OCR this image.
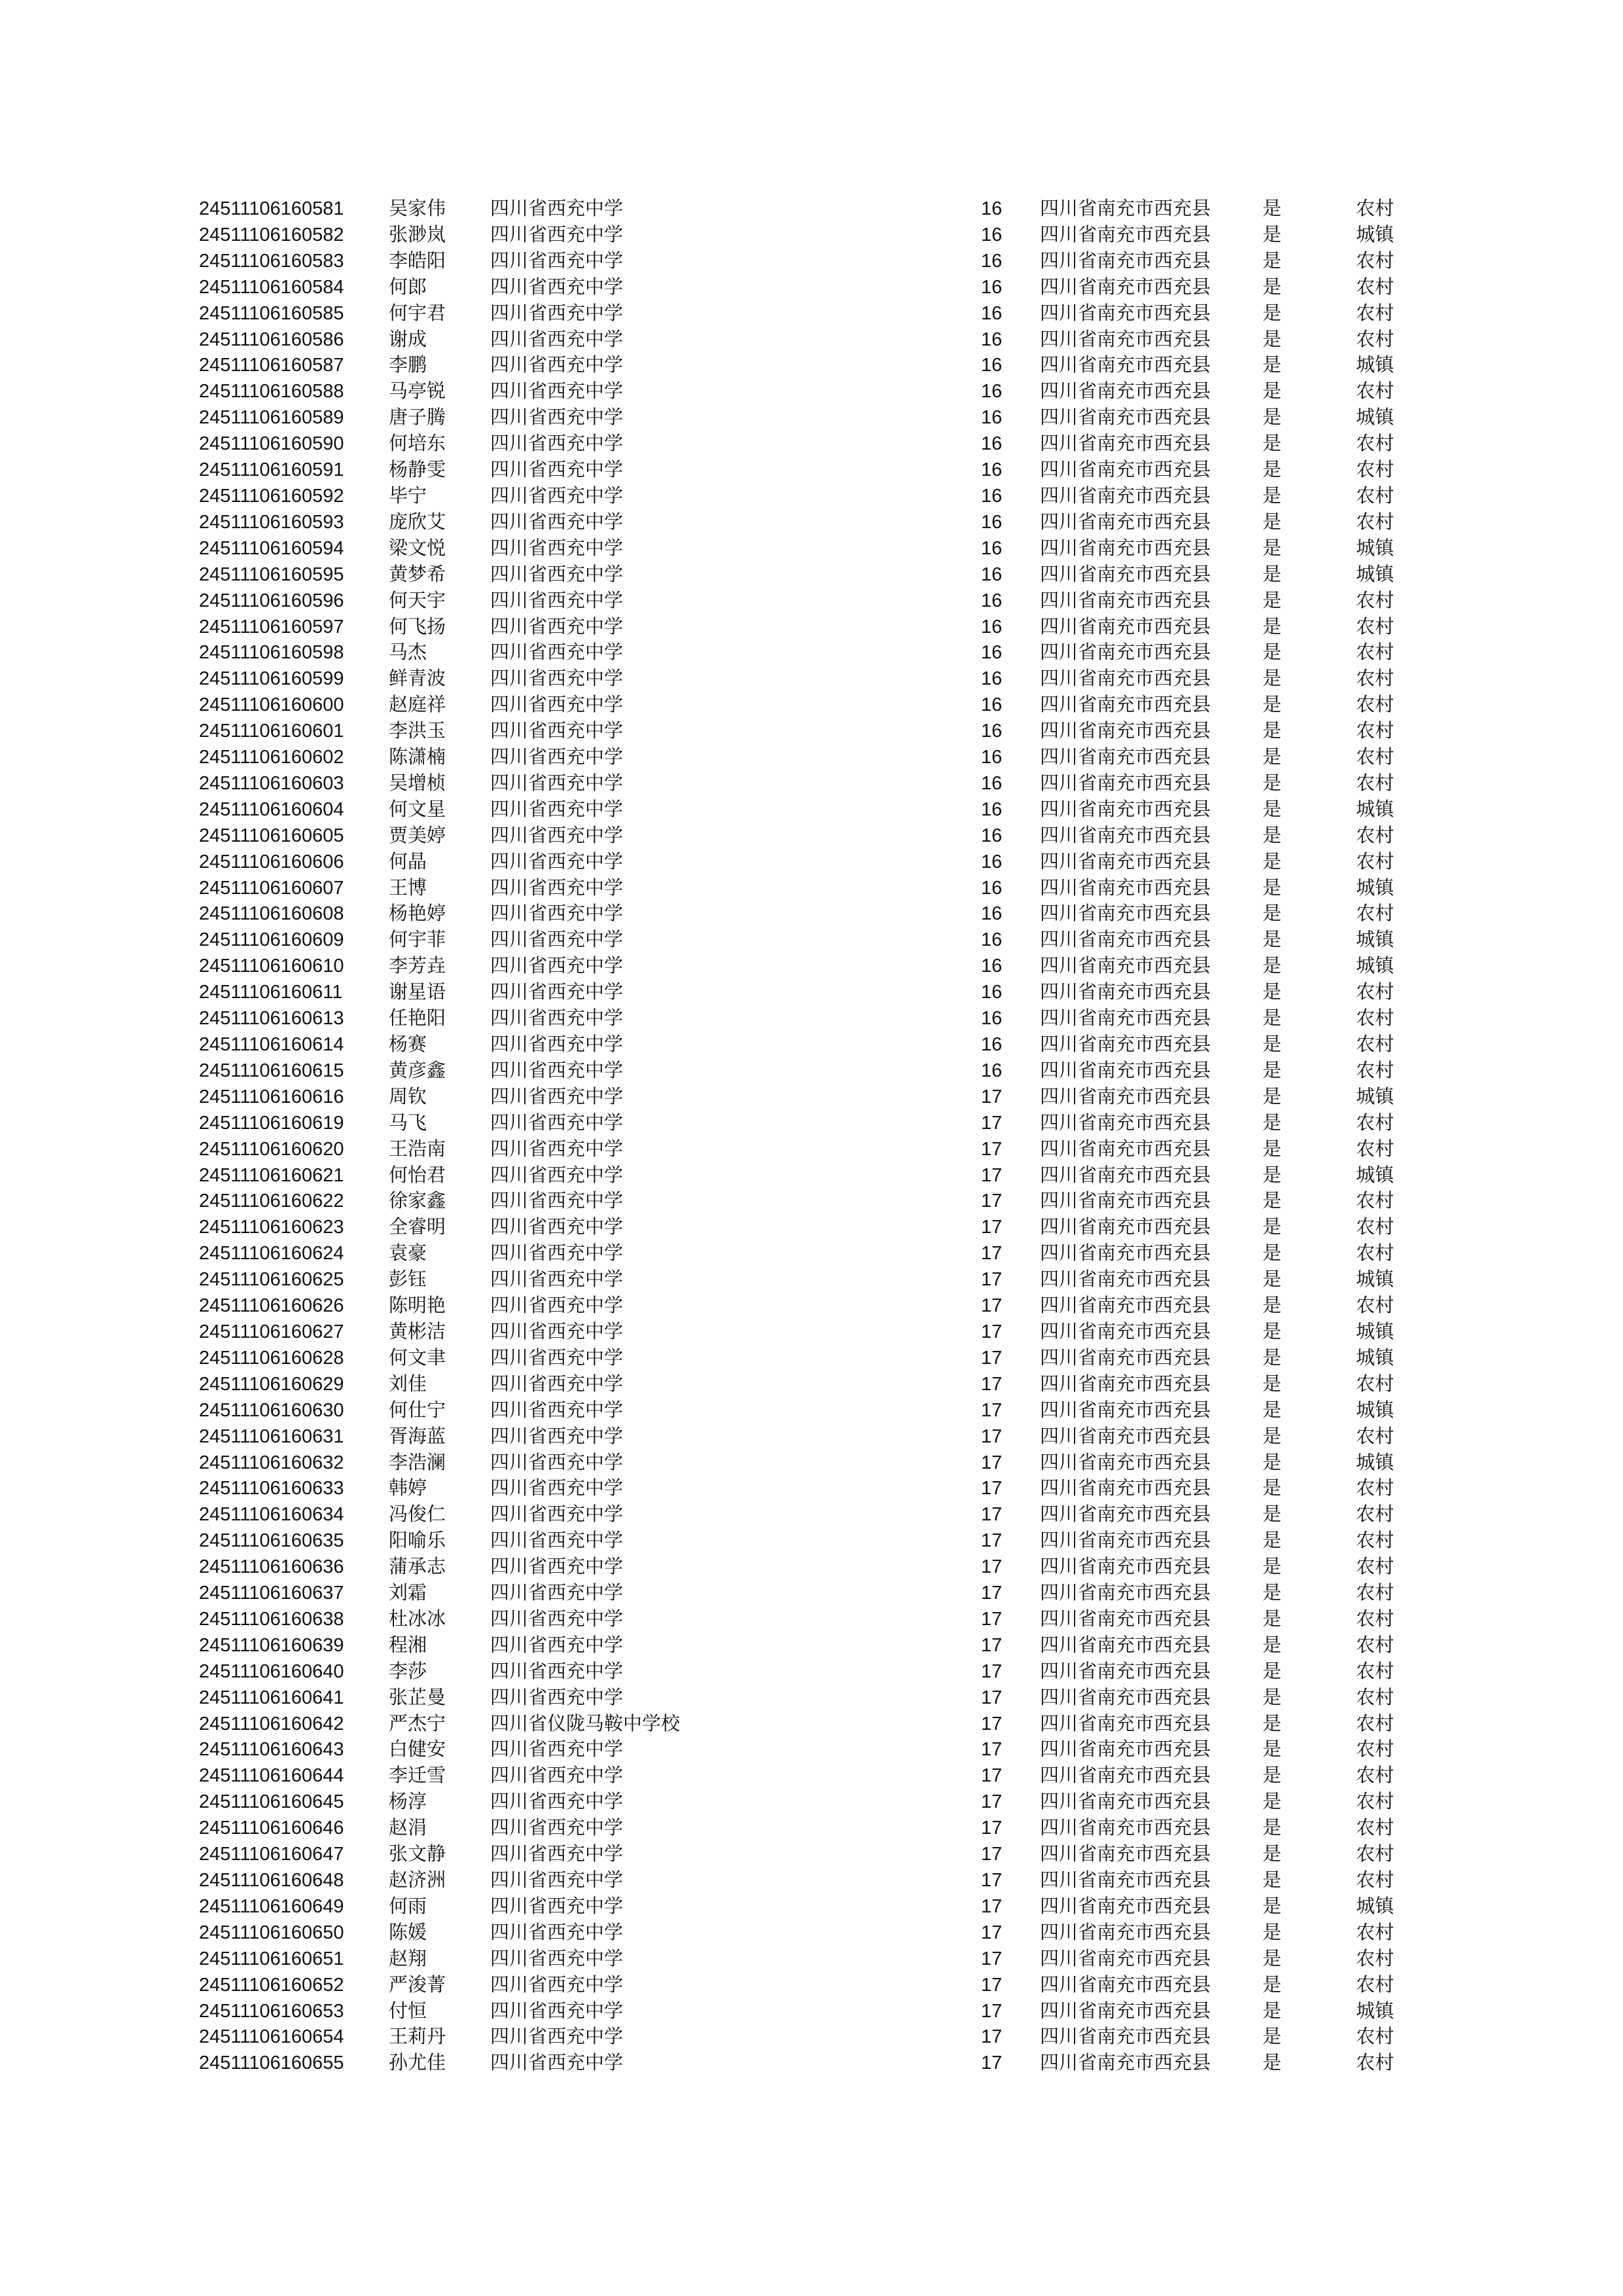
24511106160581	吴家伟	四川省西充中学	16	四川省南充市西充县	是	农村
24511106160582	张渺岚	四川省西充中学	16	四川省南充市西充县	是	城镇
24511106160583	李皓阳	四川省西充中学	16	四川省南充市西充县	是	农村
24511106160584	何郎	四川省西充中学	16	四川省南充市西充县	是	农村
24511106160585	何宇君	四川省西充中学	16	四川省南充市西充县	是	农村
24511106160586	谢成	四川省西充中学	16	四川省南充市西充县	是	农村
24511106160587	李鹏	四川省西充中学	16	四川省南充市西充县	是	城镇
24511106160588	马亭锐	四川省西充中学	16	四川省南充市西充县	是	农村
24511106160589	唐子腾	四川省西充中学	16	四川省南充市西充县	是	城镇
24511106160590	何培东	四川省西充中学	16	四川省南充市西充县	是	农村
24511106160591	杨静雯	四川省西充中学	16	四川省南充市西充县	是	农村
24511106160592	毕宁	四川省西充中学	16	四川省南充市西充县	是	农村
24511106160593	庞欣艾	四川省西充中学	16	四川省南充市西充县	是	农村
24511106160594	梁文悦	四川省西充中学	16	四川省南充市西充县	是	城镇
24511106160595	黄梦希	四川省西充中学	16	四川省南充市西充县	是	城镇
24511106160596	何天宇	四川省西充中学	16	四川省南充市西充县	是	农村
24511106160597	何飞扬	四川省西充中学	16	四川省南充市西充县	是	农村
24511106160598	马杰	四川省西充中学	16	四川省南充市西充县	是	农村
24511106160599	鲜青波	四川省西充中学	16	四川省南充市西充县	是	农村
24511106160600	赵庭祥	四川省西充中学	16	四川省南充市西充县	是	农村
24511106160601	李洪玉	四川省西充中学	16	四川省南充市西充县	是	农村
24511106160602	陈潇楠	四川省西充中学	16	四川省南充市西充县	是	农村
24511106160603	吴增桢	四川省西充中学	16	四川省南充市西充县	是	农村
24511106160604	何文星	四川省西充中学	16	四川省南充市西充县	是	城镇
24511106160605	贾美婷	四川省西充中学	16	四川省南充市西充县	是	农村
24511106160606	何晶	四川省西充中学	16	四川省南充市西充县	是	农村
24511106160607	王博	四川省西充中学	16	四川省南充市西充县	是	城镇
24511106160608	杨艳婷	四川省西充中学	16	四川省南充市西充县	是	农村
24511106160609	何宇菲	四川省西充中学	16	四川省南充市西充县	是	城镇
24511106160610	李芳垚	四川省西充中学	16	四川省南充市西充县	是	城镇
24511106160611	谢星语	四川省西充中学	16	四川省南充市西充县	是	农村
24511106160613	任艳阳	四川省西充中学	16	四川省南充市西充县	是	农村
24511106160614	杨赛	四川省西充中学	16	四川省南充市西充县	是	农村
24511106160615	黄彦鑫	四川省西充中学	16	四川省南充市西充县	是	农村
24511106160616	周钦	四川省西充中学	17	四川省南充市西充县	是	城镇
24511106160619	马飞	四川省西充中学	17	四川省南充市西充县	是	农村
24511106160620	王浩南	四川省西充中学	17	四川省南充市西充县	是	农村
24511106160621	何怡君	四川省西充中学	17	四川省南充市西充县	是	城镇
24511106160622	徐家鑫	四川省西充中学	17	四川省南充市西充县	是	农村
24511106160623	全睿明	四川省西充中学	17	四川省南充市西充县	是	农村
24511106160624	袁豪	四川省西充中学	17	四川省南充市西充县	是	农村
24511106160625	彭钰	四川省西充中学	17	四川省南充市西充县	是	城镇
24511106160626	陈明艳	四川省西充中学	17	四川省南充市西充县	是	农村
24511106160627	黄彬洁	四川省西充中学	17	四川省南充市西充县	是	城镇
24511106160628	何文聿	四川省西充中学	17	四川省南充市西充县	是	城镇
24511106160629	刘佳	四川省西充中学	17	四川省南充市西充县	是	农村
24511106160630	何仕宁	四川省西充中学	17	四川省南充市西充县	是	城镇
24511106160631	胥海蓝	四川省西充中学	17	四川省南充市西充县	是	农村
24511106160632	李浩澜	四川省西充中学	17	四川省南充市西充县	是	城镇
24511106160633	韩婷	四川省西充中学	17	四川省南充市西充县	是	农村
24511106160634	冯俊仁	四川省西充中学	17	四川省南充市西充县	是	农村
24511106160635	阳喻乐	四川省西充中学	17	四川省南充市西充县	是	农村
24511106160636	蒲承志	四川省西充中学	17	四川省南充市西充县	是	农村
24511106160637	刘霜	四川省西充中学	17	四川省南充市西充县	是	农村
24511106160638	杜冰冰	四川省西充中学	17	四川省南充市西充县	是	农村
24511106160639	程湘	四川省西充中学	17	四川省南充市西充县	是	农村
24511106160640	李莎	四川省西充中学	17	四川省南充市西充县	是	农村
24511106160641	张芷曼	四川省西充中学	17	四川省南充市西充县	是	农村
24511106160642	严杰宁	四川省仪陇马鞍中学校	17	四川省南充市西充县	是	农村
24511106160643	白健安	四川省西充中学	17	四川省南充市西充县	是	农村
24511106160644	李迁雪	四川省西充中学	17	四川省南充市西充县	是	农村
24511106160645	杨淳	四川省西充中学	17	四川省南充市西充县	是	农村
24511106160646	赵涓	四川省西充中学	17	四川省南充市西充县	是	农村
24511106160647	张文静	四川省西充中学	17	四川省南充市西充县	是	农村
24511106160648	赵济洲	四川省西充中学	17	四川省南充市西充县	是	农村
24511106160649	何雨	四川省西充中学	17	四川省南充市西充县	是	城镇
24511106160650	陈媛	四川省西充中学	17	四川省南充市西充县	是	农村
24511106160651	赵翔	四川省西充中学	17	四川省南充市西充县	是	农村
24511106160652	严浚菁	四川省西充中学	17	四川省南充市西充县	是	农村
24511106160653	付恒	四川省西充中学	17	四川省南充市西充县	是	城镇
24511106160654	王莉丹	四川省西充中学	17	四川省南充市西充县	是	农村
24511106160655	孙尤佳	四川省西充中学	17	四川省南充市西充县	是	农村
